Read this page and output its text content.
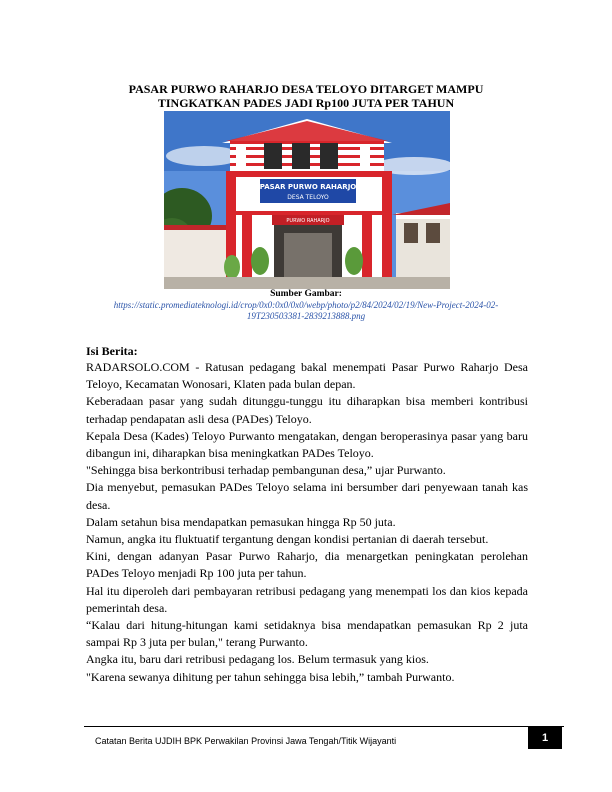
PASAR PURWO RAHARJO DESA TELOYO DITARGET MAMPU
TINGKATKAN PADES JADI Rp100 JUTA PER TAHUN
PASAR PURWO RAHARJO
DESA TELOYO
PURWO RAHARJO
Sumber Gambar:
https://static.promediateknologi.id/crop/0x0:0x0/0x0/webp/photo/p2/84/2024/02/19/New-Project-2024-02-19T230503381-2839213888.png
Isi Berita:

RADARSOLO.COM - Ratusan pedagang bakal menempati Pasar Purwo Raharjo Desa Teloyo, Kecamatan Wonosari, Klaten pada bulan depan.

Keberadaan pasar yang sudah ditunggu-tunggu itu diharapkan bisa memberi kontribusi terhadap pendapatan asli desa (PADes) Teloyo.

Kepala Desa (Kades) Teloyo Purwanto mengatakan, dengan beroperasinya pasar yang baru dibangun ini, diharapkan bisa meningkatkan PADes Teloyo.

"Sehingga bisa berkontribusi terhadap pembangunan desa,” ujar Purwanto.

Dia menyebut, pemasukan PADes Teloyo selama ini bersumber dari penyewaan tanah kas desa.

Dalam setahun bisa mendapatkan pemasukan hingga Rp 50 juta.

Namun, angka itu fluktuatif tergantung dengan kondisi pertanian di daerah tersebut.

Kini, dengan adanyan Pasar Purwo Raharjo, dia menargetkan peningkatan perolehan PADes Teloyo menjadi Rp 100 juta per tahun.

Hal itu diperoleh dari pembayaran retribusi pedagang yang menempati los dan kios kepada pemerintah desa.

“Kalau dari hitung-hitungan kami setidaknya bisa mendapatkan pemasukan Rp 2 juta sampai Rp 3 juta per bulan," terang Purwanto.

Angka itu, baru dari retribusi pedagang los. Belum termasuk yang kios.

"Karena sewanya dihitung per tahun sehingga bisa lebih,” tambah Purwanto.

Catatan Berita UJDIH BPK Perwakilan Provinsi Jawa Tengah/Titik Wijayanti	1
